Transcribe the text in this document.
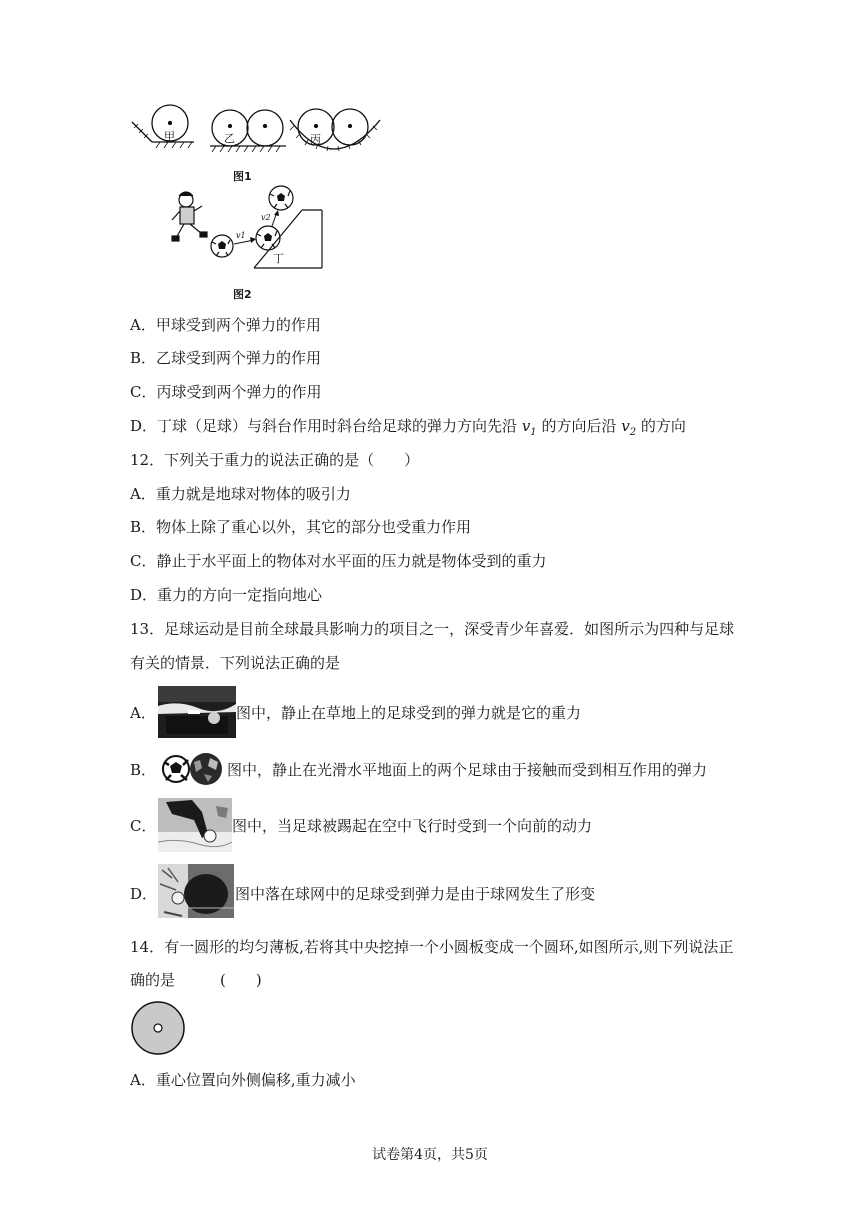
甲	乙	丙
图1
v1
v2
丁
图2
A．甲球受到两个弹力的作用
B．乙球受到两个弹力的作用
C．丙球受到两个弹力的作用
D．丁球（足球）与斜台作用时斜台给足球的弹力方向先沿 $v_1$ 的方向后沿 $v_2$ 的方向
12．下列关于重力的说法正确的是（　　）
A．重力就是地球对物体的吸引力
B．物体上除了重心以外，其它的部分也受重力作用
C．静止于水平面上的物体对水平面的压力就是物体受到的重力
D．重力的方向一定指向地心
13．足球运动是目前全球最具影响力的项目之一，深受青少年喜爱．如图所示为四种与足球
有关的情景．下列说法正确的是
A．	图中，静止在草地上的足球受到的弹力就是它的重力
B．	图中，静止在光滑水平地面上的两个足球由于接触而受到相互作用的弹力
C．	图中，当足球被踢起在空中飞行时受到一个向前的动力
D．	图中落在球网中的足球受到弹力是由于球网发生了形变
14．有一圆形的均匀薄板,若将其中央挖掉一个小圆板变成一个圆环,如图所示,则下列说法正
确的是　　　(　　)
A．重心位置向外侧偏移,重力减小
试卷第4页，共5页
